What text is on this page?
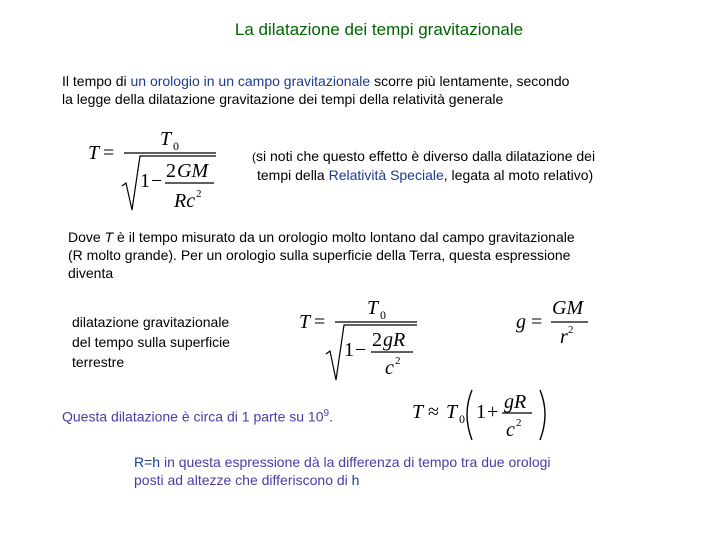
La dilatazione dei tempi gravitazionale
Il tempo di un orologio in un campo gravitazionale scorre più lentamente, secondo
la legge della dilatazione gravitazione dei tempi della relatività generale
T =
T 0
1 − 2 GM
Rc 2
(si noti che questo effetto è diverso dalla dilatazione dei
tempi della Relatività Speciale, legata al moto relativo)
Dove T è il tempo misurato da un orologio molto lontano dal campo gravitazionale
(R molto grande). Per un orologio sulla superficie della Terra, questa espressione
diventa
dilatazione gravitazionale
del tempo sulla superficie
terrestre
T =
T 0
1 − 2 gR
c 2
g =
GM
r 2
Questa dilatazione è circa di 1 parte su $10^9$.	T ≈ T 0 1 + gR
c 2
R=h in questa espressione dà la differenza di tempo tra due orologi
posti ad altezze che differiscono di h
